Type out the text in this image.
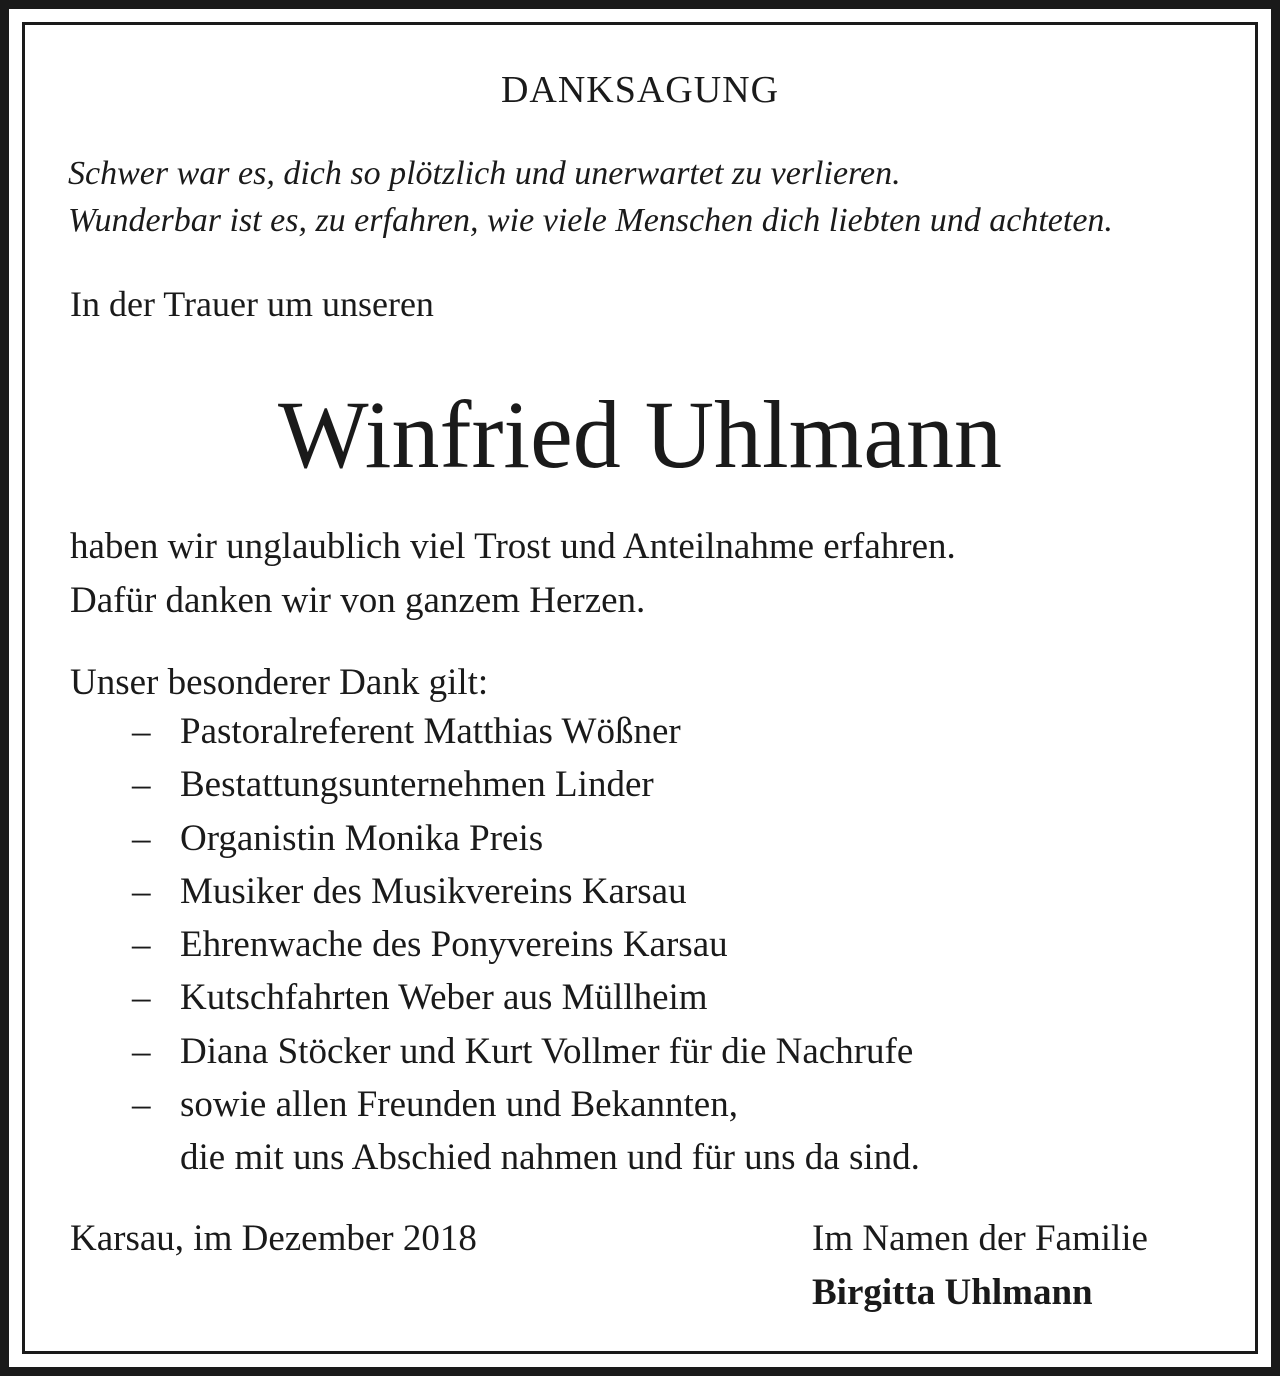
DANKSAGUNG
Schwer war es, dich so plötzlich und unerwartet zu verlieren.
Wunderbar ist es, zu erfahren, wie viele Menschen dich liebten und achteten.
In der Trauer um unseren
Winfried Uhlmann
haben wir unglaublich viel Trost und Anteilnahme erfahren.
Dafür danken wir von ganzem Herzen.
Unser besonderer Dank gilt:
– Pastoralreferent Matthias Wößner
– Bestattungsunternehmen Linder
– Organistin Monika Preis
– Musiker des Musikvereins Karsau
– Ehrenwache des Ponyvereins Karsau
– Kutschfahrten Weber aus Müllheim
– Diana Stöcker und Kurt Vollmer für die Nachrufe
– sowie allen Freunden und Bekannten,
die mit uns Abschied nahmen und für uns da sind.
Karsau, im Dezember 2018	Im Namen der Familie
Birgitta Uhlmann
